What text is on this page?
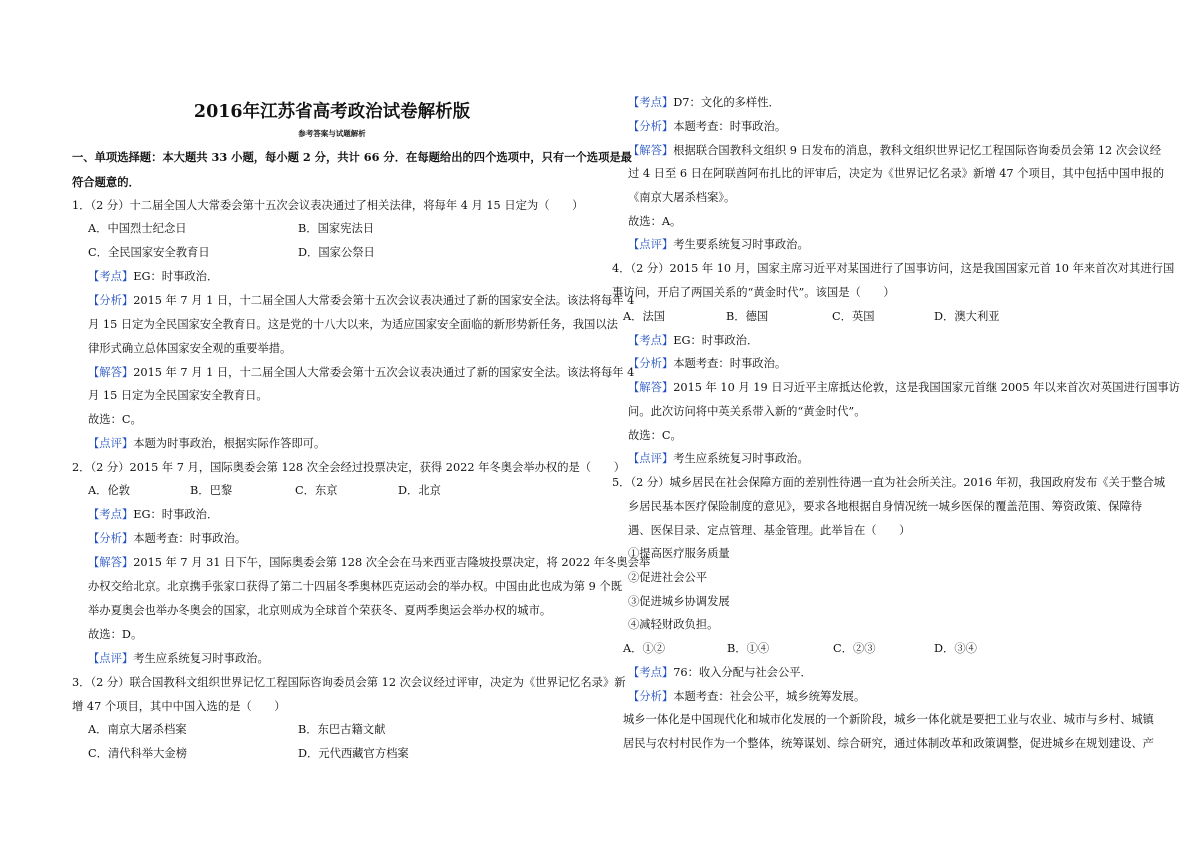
2016年江苏省高考政治试卷解析版
参考答案与试题解析
一、单项选择题：本大题共 33 小题，每小题 2 分，共计 66 分．在每题给出的四个选项中，只有一个选项是最
符合题意的．
1．（2 分）十二届全国人大常委会第十五次会议表决通过了相关法律，将每年 4 月 15 日定为（　　）
A．中国烈士纪念日	B．国家宪法日
C．全民国家安全教育日	D．国家公祭日
【考点】EG：时事政治．
【分析】2015 年 7 月 1 日，十二届全国人大常委会第十五次会议表决通过了新的国家安全法。该法将每年 4
月 15 日定为全民国家安全教育日。这是党的十八大以来，为适应国家安全面临的新形势新任务，我国以法
律形式确立总体国家安全观的重要举措。
【解答】2015 年 7 月 1 日，十二届全国人大常委会第十五次会议表决通过了新的国家安全法。该法将每年 4
月 15 日定为全民国家安全教育日。
故选：C。
【点评】本题为时事政治，根据实际作答即可。
2．（2 分）2015 年 7 月，国际奥委会第 128 次全会经过投票决定，获得 2022 年冬奥会举办权的是（　　）
A．伦敦	B．巴黎	C．东京	D．北京
【考点】EG：时事政治．
【分析】本题考查：时事政治。
【解答】2015 年 7 月 31 日下午，国际奥委会第 128 次全会在马来西亚吉隆坡投票决定，将 2022 年冬奥会举
办权交给北京。北京携手张家口获得了第二十四届冬季奥林匹克运动会的举办权。中国由此也成为第 9 个既
举办夏奥会也举办冬奥会的国家，北京则成为全球首个荣获冬、夏两季奥运会举办权的城市。
故选：D。
【点评】考生应系统复习时事政治。
3．（2 分）联合国教科文组织世界记忆工程国际咨询委员会第 12 次会议经过评审，决定为《世界记忆名录》新
增 47 个项目，其中中国入选的是（　　）
A．南京大屠杀档案	B．东巴古籍文献
C．清代科举大金榜	D．元代西藏官方档案
【考点】D7：文化的多样性．
【分析】本题考查：时事政治。
【解答】根据联合国教科文组织 9 日发布的消息，教科文组织世界记忆工程国际咨询委员会第 12 次会议经
过 4 日至 6 日在阿联酋阿布扎比的评审后，决定为《世界记忆名录》新增 47 个项目，其中包括中国申报的
《南京大屠杀档案》。
故选：A。
【点评】考生要系统复习时事政治。
4．（2 分）2015 年 10 月，国家主席习近平对某国进行了国事访问，这是我国国家元首 10 年来首次对其进行国
事访问，开启了两国关系的“黄金时代”。该国是（　　）
A．法国	B．德国	C．英国	D．澳大利亚
【考点】EG：时事政治．
【分析】本题考查：时事政治。
【解答】2015 年 10 月 19 日习近平主席抵达伦敦，这是我国国家元首继 2005 年以来首次对英国进行国事访
问。此次访问将中英关系带入新的“黄金时代”。
故选：C。
【点评】考生应系统复习时事政治。
5．（2 分）城乡居民在社会保障方面的差别性待遇一直为社会所关注。2016 年初，我国政府发布《关于整合城
乡居民基本医疗保险制度的意见》，要求各地根据自身情况统一城乡医保的覆盖范围、筹资政策、保障待
遇、医保目录、定点管理、基金管理。此举旨在（　　）
①提高医疗服务质量
②促进社会公平
③促进城乡协调发展
④减轻财政负担。
A．①②	B．①④	C．②③	D．③④
【考点】76：收入分配与社会公平．
【分析】本题考查：社会公平，城乡统筹发展。
城乡一体化是中国现代化和城市化发展的一个新阶段，城乡一体化就是要把工业与农业、城市与乡村、城镇
居民与农村村民作为一个整体，统筹谋划、综合研究，通过体制改革和政策调整，促进城乡在规划建设、产
